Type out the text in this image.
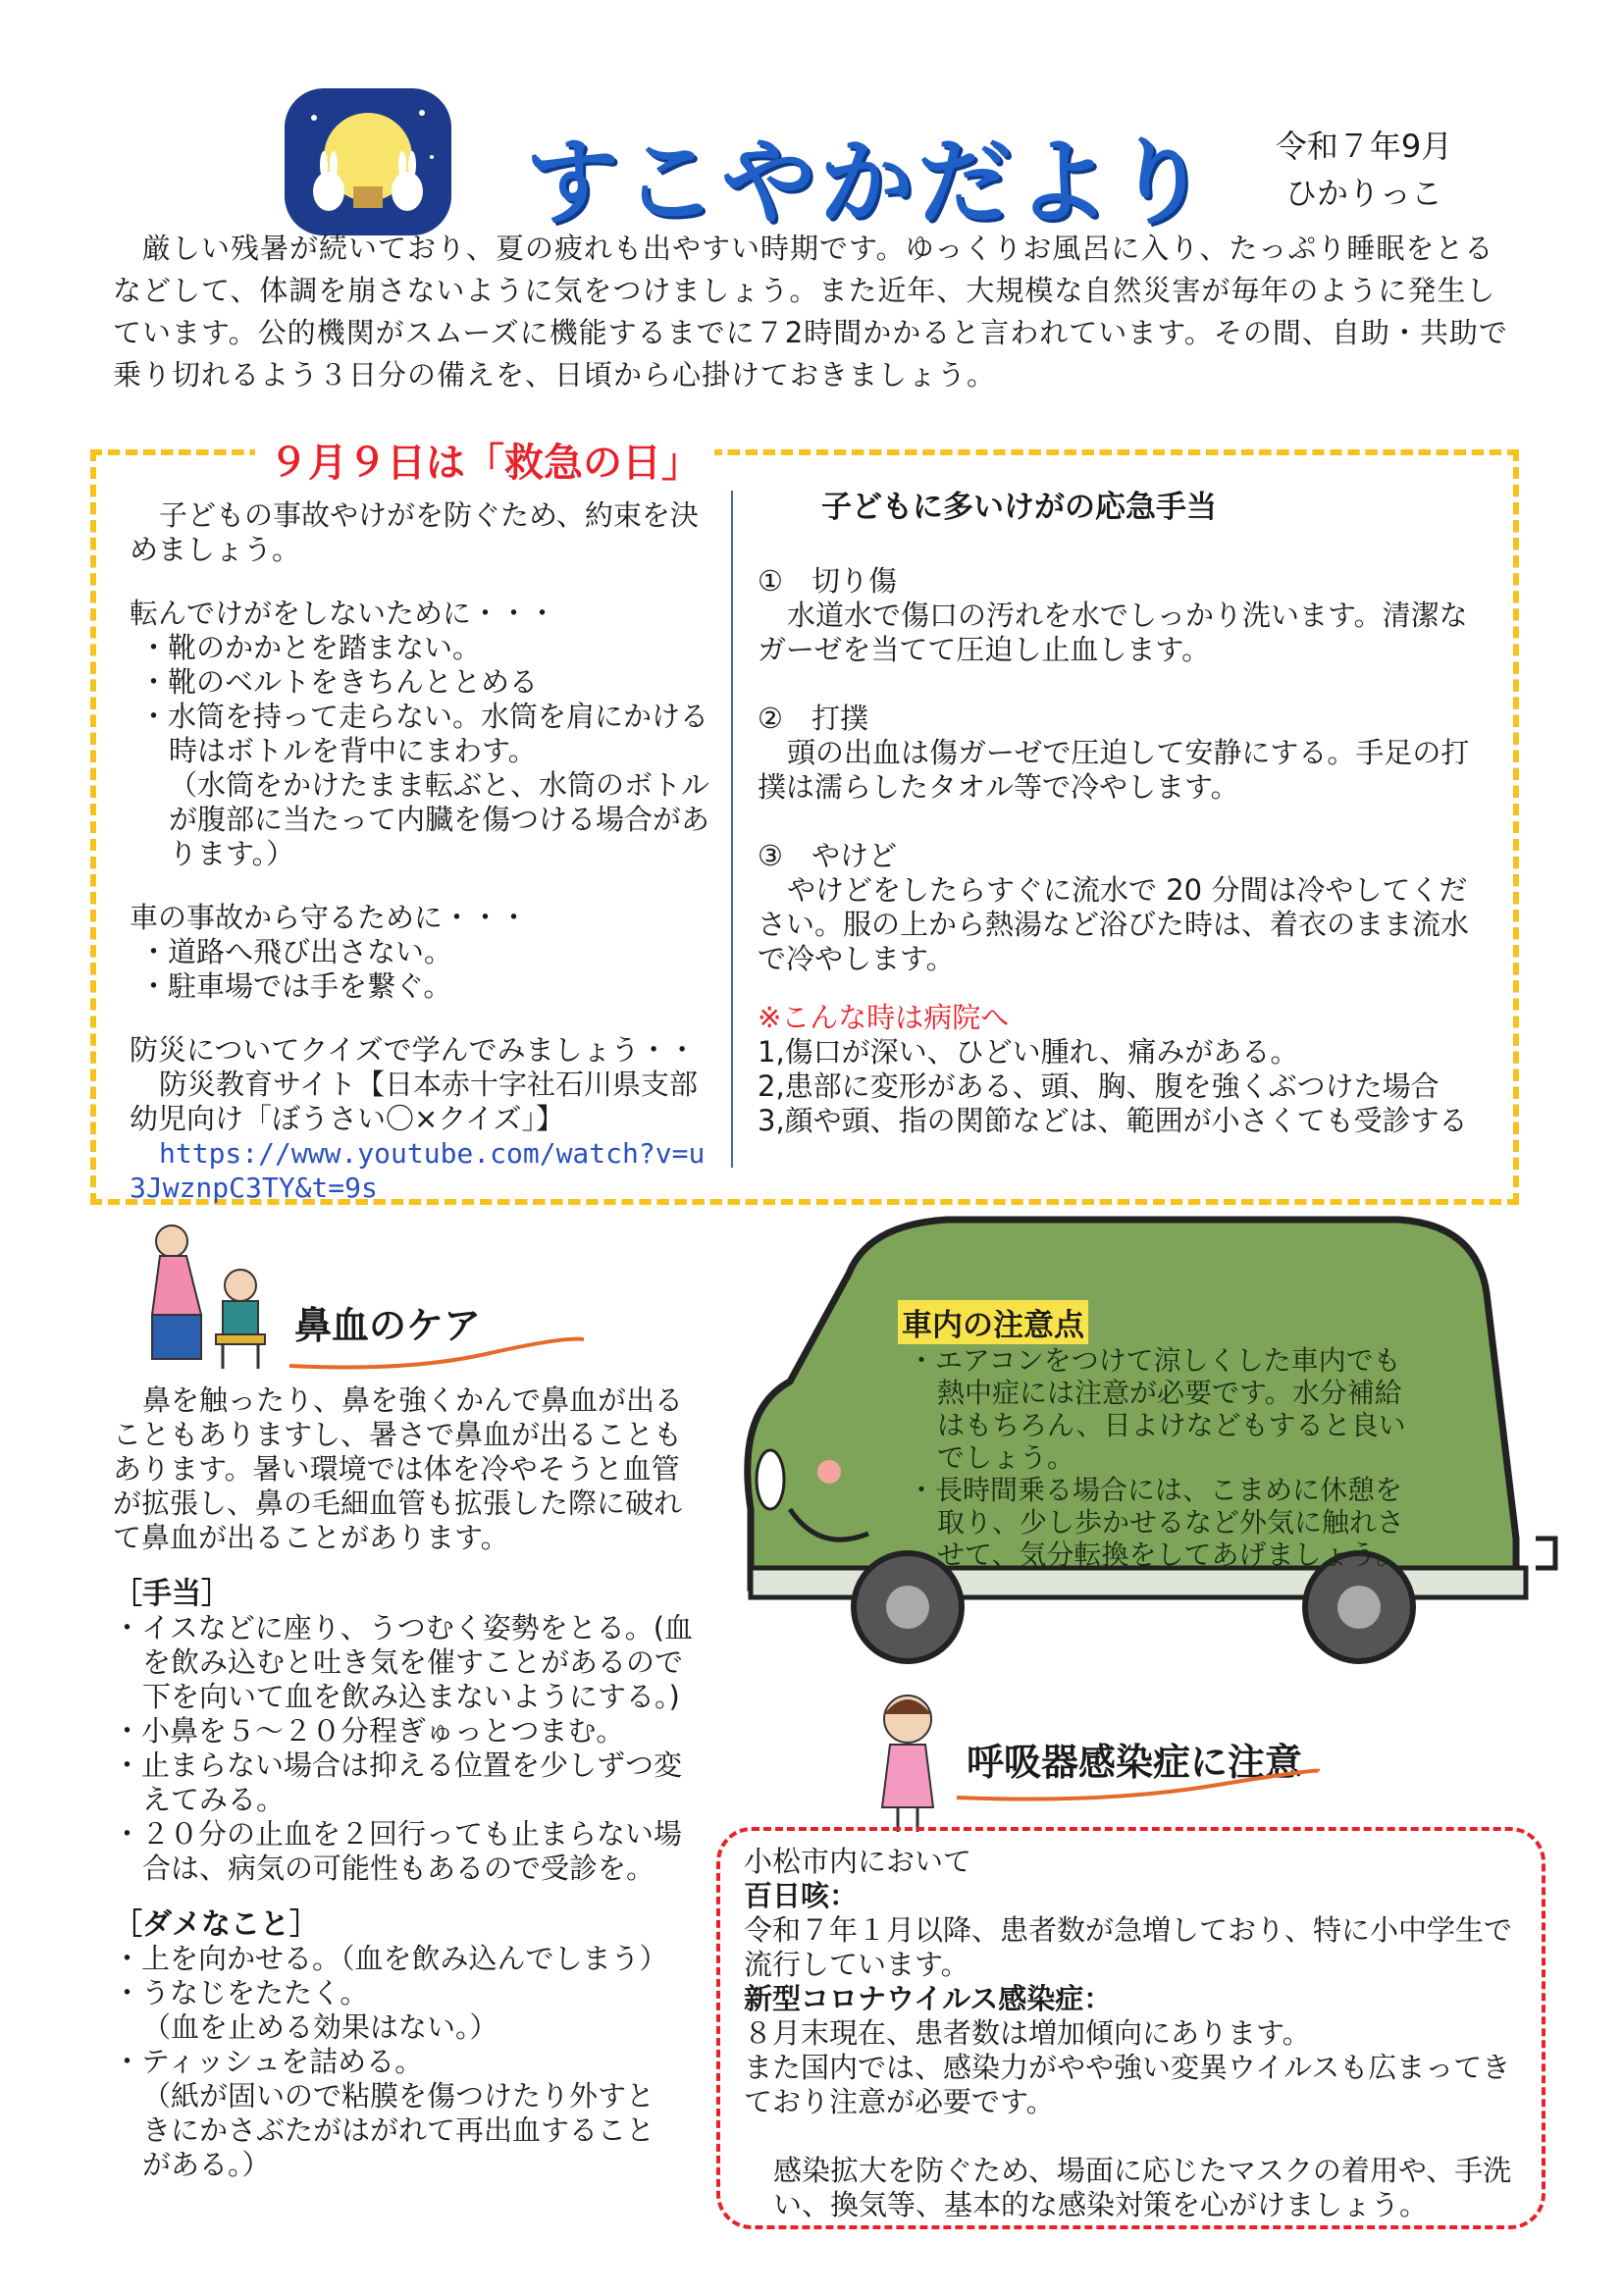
すこやかだより	令和７年9月
ひかりっこ
厳しい残暑が続いており、夏の疲れも出やすい時期です。ゆっくりお風呂に入り、たっぷり睡眠をとるなどして、体調を崩さないように気をつけましょう。また近年、大規模な自然災害が毎年のように発生しています。公的機関がスムーズに機能するまでに７2時間かかると言われています。その間、自助・共助で乗り切れるよう３日分の備えを、日頃から心掛けておきましょう。
９月９日は「救急の日」
子どもの事故やけがを防ぐため、約束を決めましょう。
転んでけがをしないために・・・
・靴のかかとを踏まない。
・靴のベルトをきちんととめる
・水筒を持って走らない。水筒を肩にかける時はボトルを背中にまわす。
（水筒をかけたまま転ぶと、水筒のボトルが腹部に当たって内臓を傷つける場合があります。）
車の事故から守るために・・・
・道路へ飛び出さない。
・駐車場では手を繋ぐ。
防災についてクイズで学んでみましょう・・
防災教育サイト【日本赤十字社石川県支部　幼児向け「ぼうさい〇×クイズ」】
https://www.youtube.com/watch?v=u3JwznpC3TY&t=9s
子どもに多いけがの応急手当
①　切り傷
水道水で傷口の汚れを水でしっかり洗います。清潔なガーゼを当てて圧迫し止血します。
②　打撲
頭の出血は傷ガーゼで圧迫して安静にする。手足の打撲は濡らしたタオル等で冷やします。
③　やけど
やけどをしたらすぐに流水で 20 分間は冷やしてください。服の上から熱湯など浴びた時は、着衣のまま流水で冷やします。
※こんな時は病院へ
1,傷口が深い、ひどい腫れ、痛みがある。
2,患部に変形がある、頭、胸、腹を強くぶつけた場合
3,顔や頭、指の関節などは、範囲が小さくても受診する
鼻血のケア
鼻を触ったり、鼻を強くかんで鼻血が出ることもありますし、暑さで鼻血が出ることもあります。暑い環境では体を冷やそうと血管が拡張し、鼻の毛細血管も拡張した際に破れて鼻血が出ることがあります。
［手当］
・イスなどに座り、うつむく姿勢をとる。(血を飲み込むと吐き気を催すことがあるので下を向いて血を飲み込まないようにする。)
・小鼻を５～２０分程ぎゅっとつまむ。
・止まらない場合は抑える位置を少しずつ変えてみる。
・２０分の止血を２回行っても止まらない場合は、病気の可能性もあるので受診を。
［ダメなこと］
・上を向かせる。（血を飲み込んでしまう）
・うなじをたたく。
（血を止める効果はない。）
・ティッシュを詰める。
（紙が固いので粘膜を傷つけたり外すときにかさぶたがはがれて再出血することがある。）
車内の注意点
・エアコンをつけて涼しくした車内でも熱中症には注意が必要です。水分補給はもちろん、日よけなどもすると良いでしょう。
・長時間乗る場合には、こまめに休憩を取り、少し歩かせるなど外気に触れさせて、気分転換をしてあげましょう。
呼吸器感染症に注意
小松市内において
百日咳：
令和７年１月以降、患者数が急増しており、特に小中学生で流行しています。
新型コロナウイルス感染症：
８月末現在、患者数は増加傾向にあります。
また国内では、感染力がやや強い変異ウイルスも広まってきており注意が必要です。
感染拡大を防ぐため、場面に応じたマスクの着用や、手洗い、換気等、基本的な感染対策を心がけましょう。
